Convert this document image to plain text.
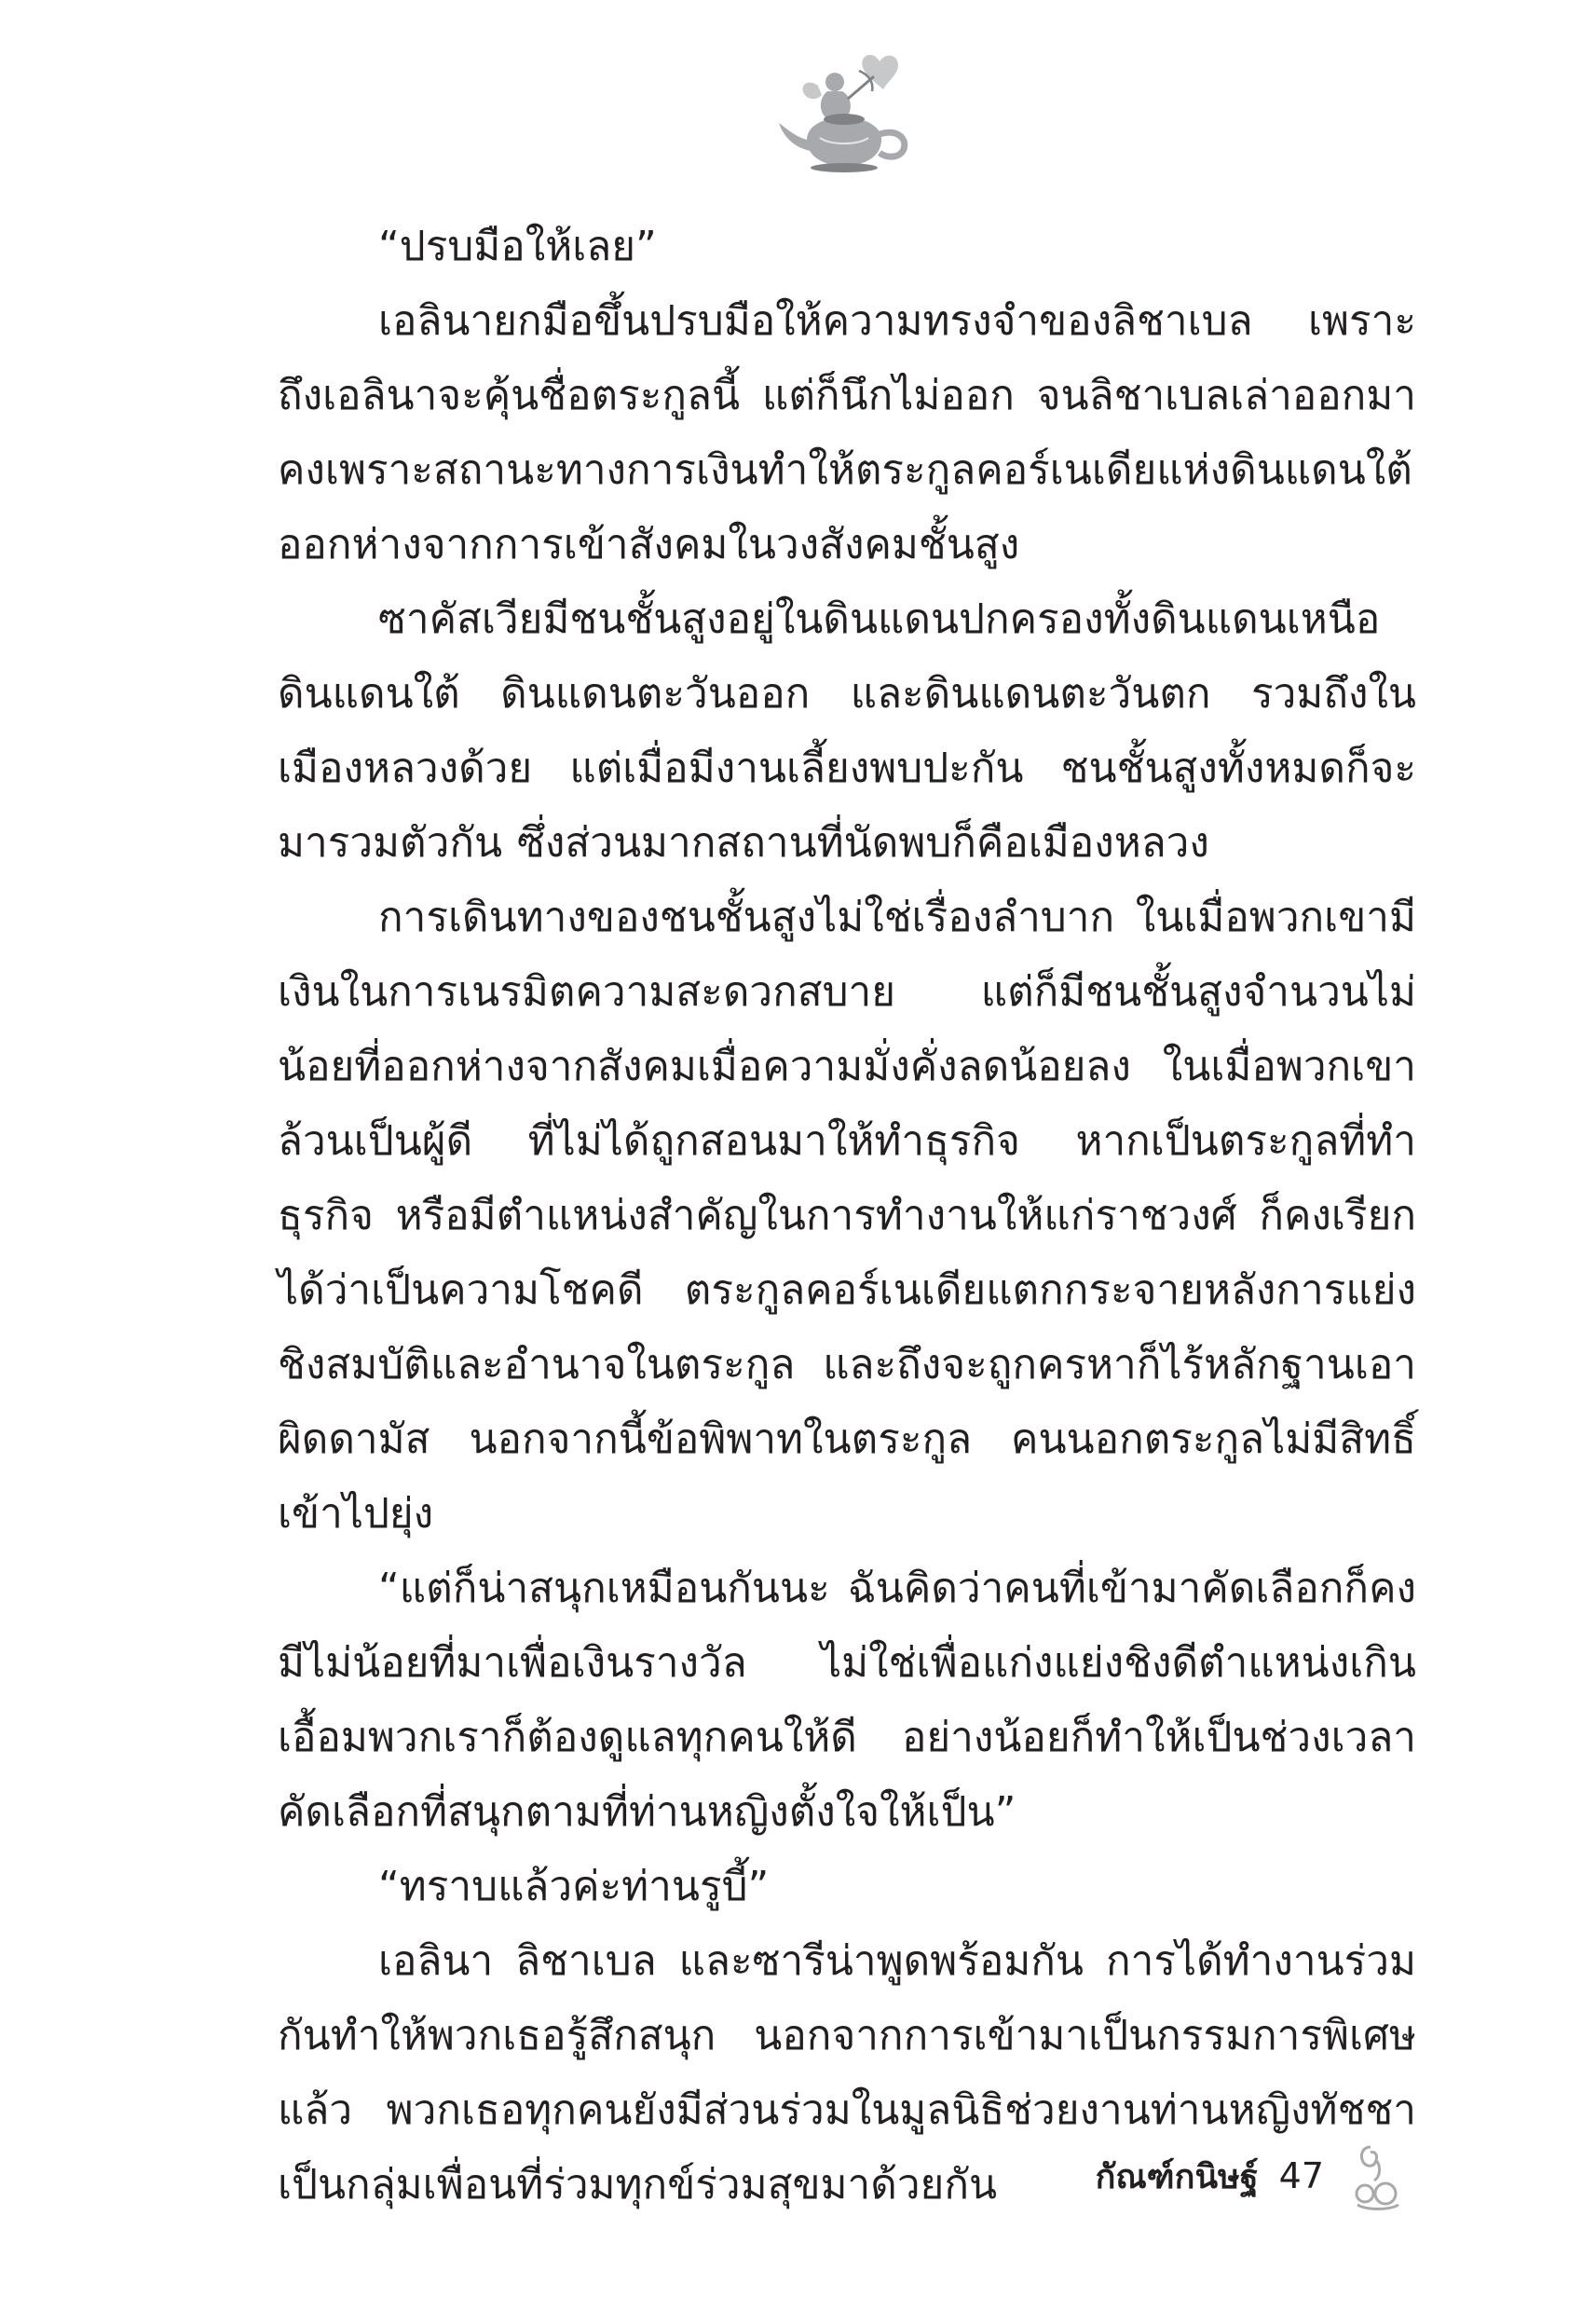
“ปรบมือให้เลย”

เอลินายกมือขึ้นปรบมือให้ความทรงจำของลิชาเบล เพราะถึงเอลินาจะคุ้นชื่อตระกูลนี้ แต่ก็นึกไม่ออก จนลิชาเบลเล่าออกมา คงเพราะสถานะทางการเงินทำให้ตระกูลคอร์เนเดียแห่งดินแดนใต้ออกห่างจากการเข้าสังคมในวงสังคมชั้นสูง

ซาคัสเวียมีชนชั้นสูงอยู่ในดินแดนปกครองทั้งดินแดนเหนือ ดินแดนใต้ ดินแดนตะวันออก และดินแดนตะวันตก รวมถึงในเมืองหลวงด้วย แต่เมื่อมีงานเลี้ยงพบปะกัน ชนชั้นสูงทั้งหมดก็จะมารวมตัวกัน ซึ่งส่วนมากสถานที่นัดพบก็คือเมืองหลวง

การเดินทางของชนชั้นสูงไม่ใช่เรื่องลำบาก ในเมื่อพวกเขามีเงินในการเนรมิตความสะดวกสบาย แต่ก็มีชนชั้นสูงจำนวนไม่น้อยที่ออกห่างจากสังคมเมื่อความมั่งคั่งลดน้อยลง ในเมื่อพวกเขาล้วนเป็นผู้ดี ที่ไม่ได้ถูกสอนมาให้ทำธุรกิจ หากเป็นตระกูลที่ทำธุรกิจ หรือมีตำแหน่งสำคัญในการทำงานให้แก่ราชวงศ์ ก็คงเรียกได้ว่าเป็นความโชคดี ตระกูลคอร์เนเดียแตกกระจายหลังการแย่งชิงสมบัติและอำนาจในตระกูล และถึงจะถูกครหาก็ไร้หลักฐานเอาผิดดามัส นอกจากนี้ข้อพิพาทในตระกูล คนนอกตระกูลไม่มีสิทธิ์เข้าไปยุ่ง

“แต่ก็น่าสนุกเหมือนกันนะ ฉันคิดว่าคนที่เข้ามาคัดเลือกก็คงมีไม่น้อยที่มาเพื่อเงินรางวัล ไม่ใช่เพื่อแก่งแย่งชิงดีตำแหน่งเกินเอื้อมพวกเราก็ต้องดูแลทุกคนให้ดี อย่างน้อยก็ทำให้เป็นช่วงเวลาคัดเลือกที่สนุกตามที่ท่านหญิงตั้งใจให้เป็น”

“ทราบแล้วค่ะท่านรูบี้”

เอลินา ลิชาเบล และซารีน่าพูดพร้อมกัน การได้ทำงานร่วมกันทำให้พวกเธอรู้สึกสนุก นอกจากการเข้ามาเป็นกรรมการพิเศษแล้ว พวกเธอทุกคนยังมีส่วนร่วมในมูลนิธิช่วยงานท่านหญิงทัชชา เป็นกลุ่มเพื่อนที่ร่วมทุกข์ร่วมสุขมาด้วยกัน	กัณฑ์กนิษฐ์ 47
